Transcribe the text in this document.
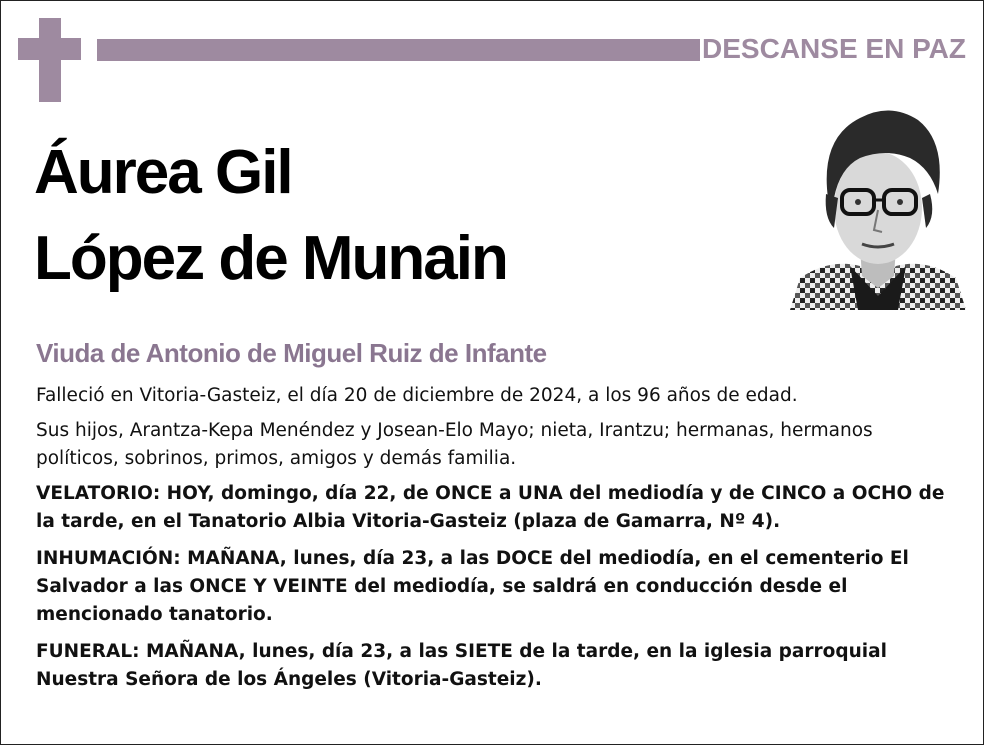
DESCANSE EN PAZ
Áurea Gil
López de Munain
Viuda de Antonio de Miguel Ruiz de Infante

Falleció en Vitoria-Gasteiz, el día 20 de diciembre de 2024, a los 96 años de edad.

Sus hijos, Arantza-Kepa Menéndez y Josean-Elo Mayo; nieta, Irantzu; hermanas, hermanos políticos, sobrinos, primos, amigos y demás familia.

VELATORIO: HOY, domingo, día 22, de ONCE a UNA del mediodía y de CINCO a OCHO de la tarde, en el Tanatorio Albia Vitoria-Gasteiz (plaza de Gamarra, Nº 4).

INHUMACIÓN: MAÑANA, lunes, día 23, a las DOCE del mediodía, en el cementerio El Salvador a las ONCE Y VEINTE del mediodía, se saldrá en conducción desde el mencionado tanatorio.

FUNERAL: MAÑANA, lunes, día 23, a las SIETE de la tarde, en la iglesia parroquial Nuestra Señora de los Ángeles (Vitoria-Gasteiz).
